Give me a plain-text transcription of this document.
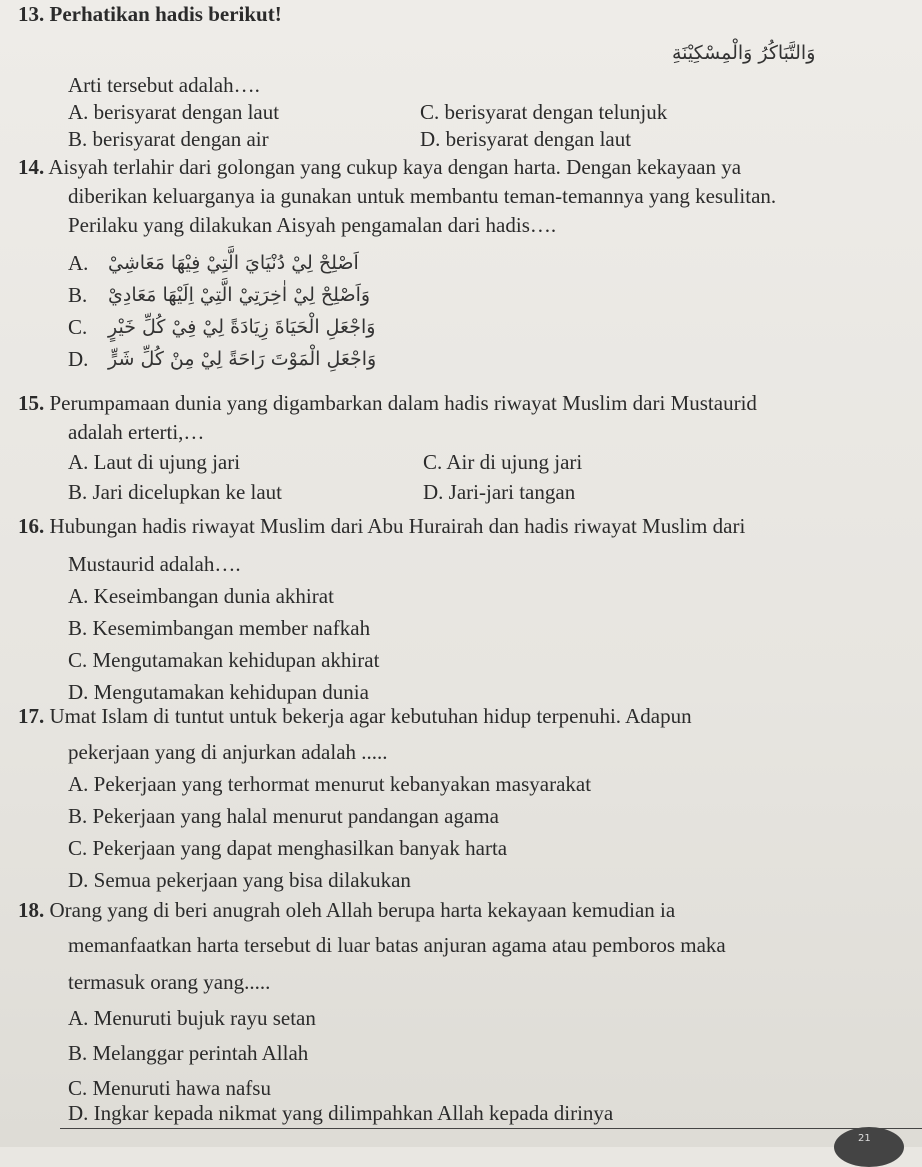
13. Perhatikan hadis berikut!
وَالتَّبَاكُرُ وَالْمِسْكِيْنَةِ
Arti tersebut adalah….
A. berisyarat dengan laut	C. berisyarat dengan telunjuk
B. berisyarat dengan air	D. berisyarat dengan laut
14. Aisyah terlahir dari golongan yang cukup kaya dengan harta. Dengan kekayaan ya
diberikan keluarganya ia gunakan untuk membantu teman-temannya yang kesulitan.
Perilaku yang dilakukan Aisyah pengamalan dari hadis….
A. اَصْلِحْ لِيْ دُنْيَايَ الَّتِيْ فِيْهَا مَعَاشِيْ
B. وَاَصْلِحْ لِيْ اٰخِرَتِيْ الَّتِيْ اِلَيْهَا مَعَادِيْ
C. وَاجْعَلِ الْحَيَاةَ زِيَادَةً لِيْ فِيْ كُلِّ خَيْرٍ
D. وَاجْعَلِ الْمَوْتَ رَاحَةً لِيْ مِنْ كُلِّ شَرٍّ
15. Perumpamaan dunia yang digambarkan dalam hadis riwayat Muslim dari Mustaurid
adalah erterti,…
A. Laut di ujung jari	C. Air di ujung jari
B. Jari dicelupkan ke laut	D. Jari-jari tangan
16. Hubungan hadis riwayat Muslim dari Abu Hurairah dan hadis riwayat Muslim dari
Mustaurid adalah….
A. Keseimbangan dunia akhirat
B. Kesemimbangan member nafkah
C. Mengutamakan kehidupan akhirat
D. Mengutamakan kehidupan dunia
17. Umat Islam di tuntut untuk bekerja agar kebutuhan hidup terpenuhi. Adapun
pekerjaan yang di anjurkan adalah .....
A. Pekerjaan yang terhormat menurut kebanyakan masyarakat
B. Pekerjaan yang halal menurut pandangan agama
C. Pekerjaan yang dapat menghasilkan banyak harta
D. Semua pekerjaan yang bisa dilakukan
18. Orang yang di beri anugrah oleh Allah berupa harta kekayaan kemudian ia
memanfaatkan harta tersebut di luar batas anjuran agama atau pemboros maka
termasuk orang yang.....
A. Menuruti bujuk rayu setan
B. Melanggar perintah Allah
C. Menuruti hawa nafsu
D. Ingkar kepada nikmat yang dilimpahkan Allah kepada dirinya
21
